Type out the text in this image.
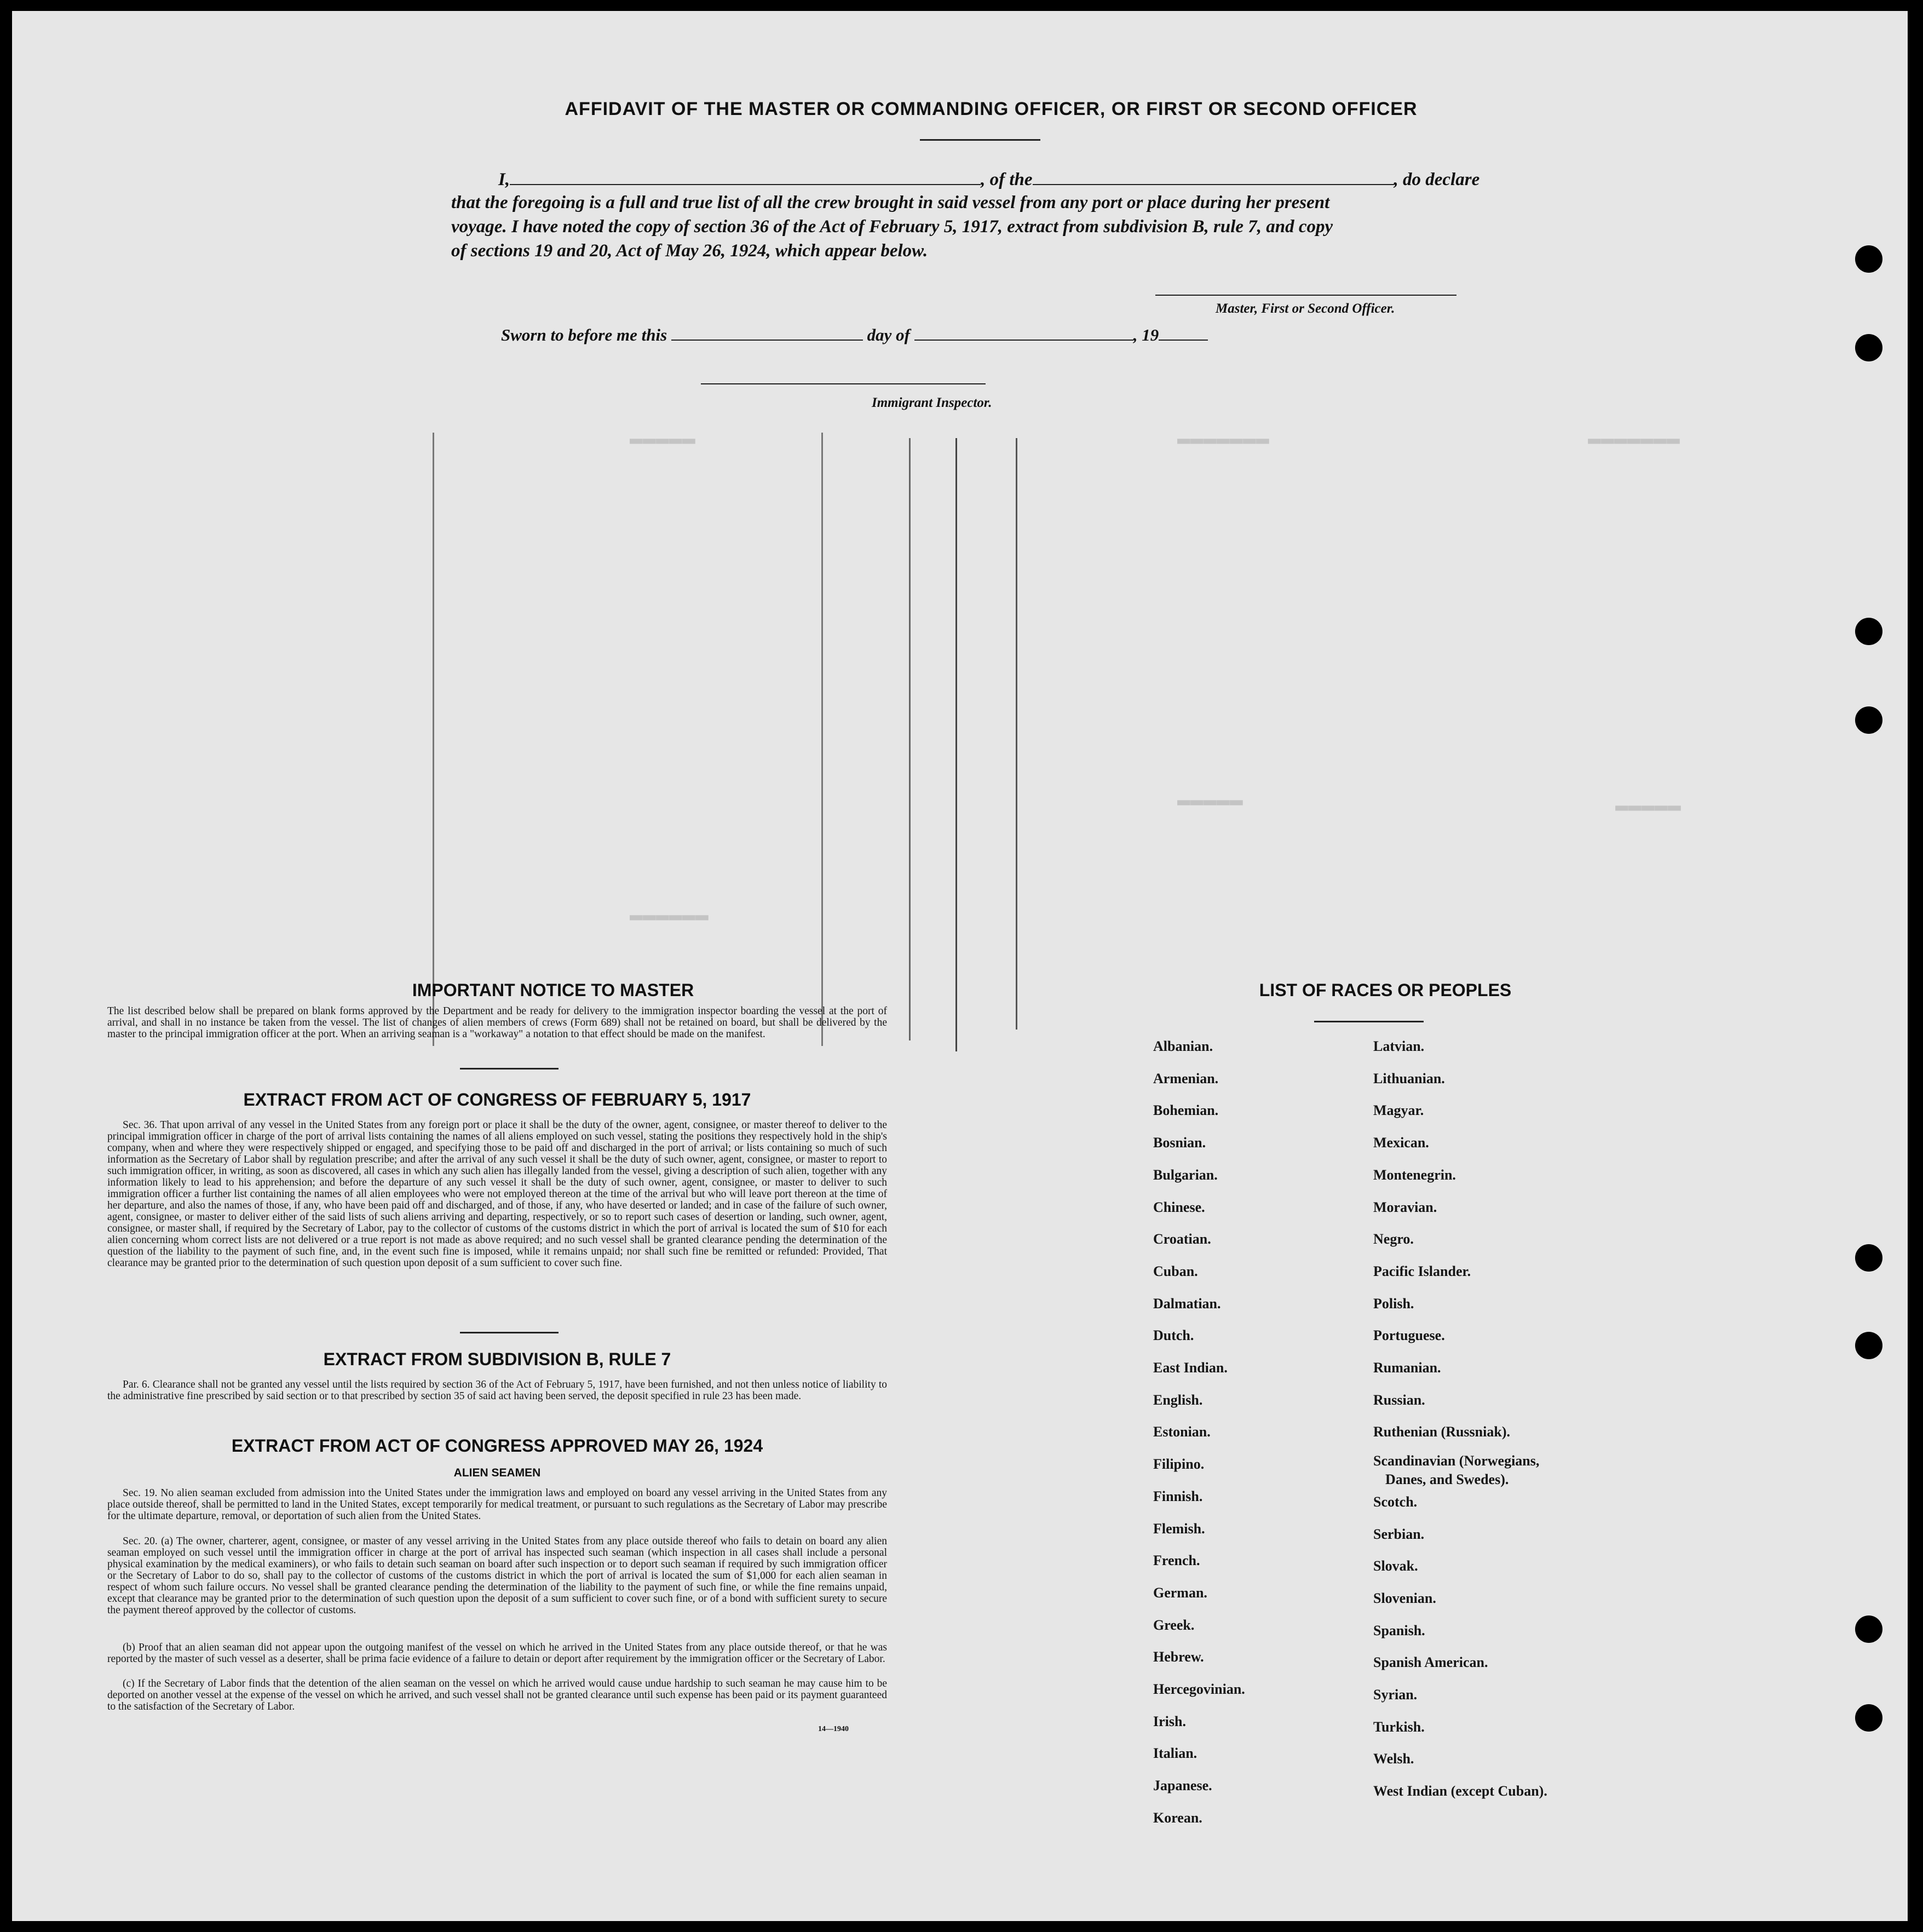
▬▬▬▬▬▬▬
▬▬▬▬▬▬▬
▬▬▬▬▬
▬▬▬▬▬
▬▬▬▬▬
▬▬▬▬▬▬
AFFIDAVIT OF THE MASTER OR COMMANDING OFFICER, OR FIRST OR SECOND OFFICER
I,	, of the	, do declare
that the foregoing is a full and true list of all the crew brought in said vessel from any port or place during her present
voyage. I have noted the copy of section 36 of the Act of February 5, 1917, extract from subdivision B, rule 7, and copy
of sections 19 and 20, Act of May 26, 1924, which appear below.
Master, First or Second Officer.
Sworn to before me this	day of	, 19
Immigrant Inspector.
IMPORTANT NOTICE TO MASTER
The list described below shall be prepared on blank forms approved by the Department and be ready for delivery to the immigration inspector boarding the vessel at the port of arrival, and shall in no instance be taken from the vessel. The list of changes of alien members of crews (Form 689) shall not be retained on board, but shall be delivered by the master to the principal immigration officer at the port. When an arriving seaman is a "workaway" a notation to that effect should be made on the manifest.
EXTRACT FROM ACT OF CONGRESS OF FEBRUARY 5, 1917
Sec. 36. That upon arrival of any vessel in the United States from any foreign port or place it shall be the duty of the owner, agent, consignee, or master thereof to deliver to the principal immigration officer in charge of the port of arrival lists containing the names of all aliens employed on such vessel, stating the positions they respectively hold in the ship's company, when and where they were respectively shipped or engaged, and specifying those to be paid off and discharged in the port of arrival; or lists containing so much of such information as the Secretary of Labor shall by regulation prescribe; and after the arrival of any such vessel it shall be the duty of such owner, agent, consignee, or master to report to such immigration officer, in writing, as soon as discovered, all cases in which any such alien has illegally landed from the vessel, giving a description of such alien, together with any information likely to lead to his apprehension; and before the departure of any such vessel it shall be the duty of such owner, agent, consignee, or master to deliver to such immigration officer a further list containing the names of all alien employees who were not employed thereon at the time of the arrival but who will leave port thereon at the time of her departure, and also the names of those, if any, who have been paid off and discharged, and of those, if any, who have deserted or landed; and in case of the failure of such owner, agent, consignee, or master to deliver either of the said lists of such aliens arriving and departing, respectively, or so to report such cases of desertion or landing, such owner, agent, consignee, or master shall, if required by the Secretary of Labor, pay to the collector of customs of the customs district in which the port of arrival is located the sum of $10 for each alien concerning whom correct lists are not delivered or a true report is not made as above required; and no such vessel shall be granted clearance pending the determination of the question of the liability to the payment of such fine, and, in the event such fine is imposed, while it remains unpaid; nor shall such fine be remitted or refunded: Provided, That clearance may be granted prior to the determination of such question upon deposit of a sum sufficient to cover such fine.
EXTRACT FROM SUBDIVISION B, RULE 7
Par. 6. Clearance shall not be granted any vessel until the lists required by section 36 of the Act of February 5, 1917, have been furnished, and not then unless notice of liability to the administrative fine prescribed by said section or to that prescribed by section 35 of said act having been served, the deposit specified in rule 23 has been made.
EXTRACT FROM ACT OF CONGRESS APPROVED MAY 26, 1924
ALIEN SEAMEN
Sec. 19. No alien seaman excluded from admission into the United States under the immigration laws and employed on board any vessel arriving in the United States from any place outside thereof, shall be permitted to land in the United States, except temporarily for medical treatment, or pursuant to such regulations as the Secretary of Labor may prescribe for the ultimate departure, removal, or deportation of such alien from the United States.
Sec. 20. (a) The owner, charterer, agent, consignee, or master of any vessel arriving in the United States from any place outside thereof who fails to detain on board any alien seaman employed on such vessel until the immigration officer in charge at the port of arrival has inspected such seaman (which inspection in all cases shall include a personal physical examination by the medical examiners), or who fails to detain such seaman on board after such inspection or to deport such seaman if required by such immigration officer or the Secretary of Labor to do so, shall pay to the collector of customs of the customs district in which the port of arrival is located the sum of $1,000 for each alien seaman in respect of whom such failure occurs. No vessel shall be granted clearance pending the determination of the liability to the payment of such fine, or while the fine remains unpaid, except that clearance may be granted prior to the determination of such question upon the deposit of a sum sufficient to cover such fine, or of a bond with sufficient surety to secure the payment thereof approved by the collector of customs.
(b) Proof that an alien seaman did not appear upon the outgoing manifest of the vessel on which he arrived in the United States from any place outside thereof, or that he was reported by the master of such vessel as a deserter, shall be prima facie evidence of a failure to detain or deport after requirement by the immigration officer or the Secretary of Labor.
(c) If the Secretary of Labor finds that the detention of the alien seaman on the vessel on which he arrived would cause undue hardship to such seaman he may cause him to be deported on another vessel at the expense of the vessel on which he arrived, and such vessel shall not be granted clearance until such expense has been paid or its payment guaranteed to the satisfaction of the Secretary of Labor.
14—1940
LIST OF RACES OR PEOPLES
Albanian.
Armenian.
Bohemian.
Bosnian.
Bulgarian.
Chinese.
Croatian.
Cuban.
Dalmatian.
Dutch.
East Indian.
English.
Estonian.
Filipino.
Finnish.
Flemish.
French.
German.
Greek.
Hebrew.
Hercegovinian.
Irish.
Italian.
Japanese.
Korean.
Latvian.
Lithuanian.
Magyar.
Mexican.
Montenegrin.
Moravian.
Negro.
Pacific Islander.
Polish.
Portuguese.
Rumanian.
Russian.
Ruthenian (Russniak).
Scandinavian (Norwegians,
Danes, and Swedes).
Scotch.
Serbian.
Slovak.
Slovenian.
Spanish.
Spanish American.
Syrian.
Turkish.
Welsh.
West Indian (except Cuban).
